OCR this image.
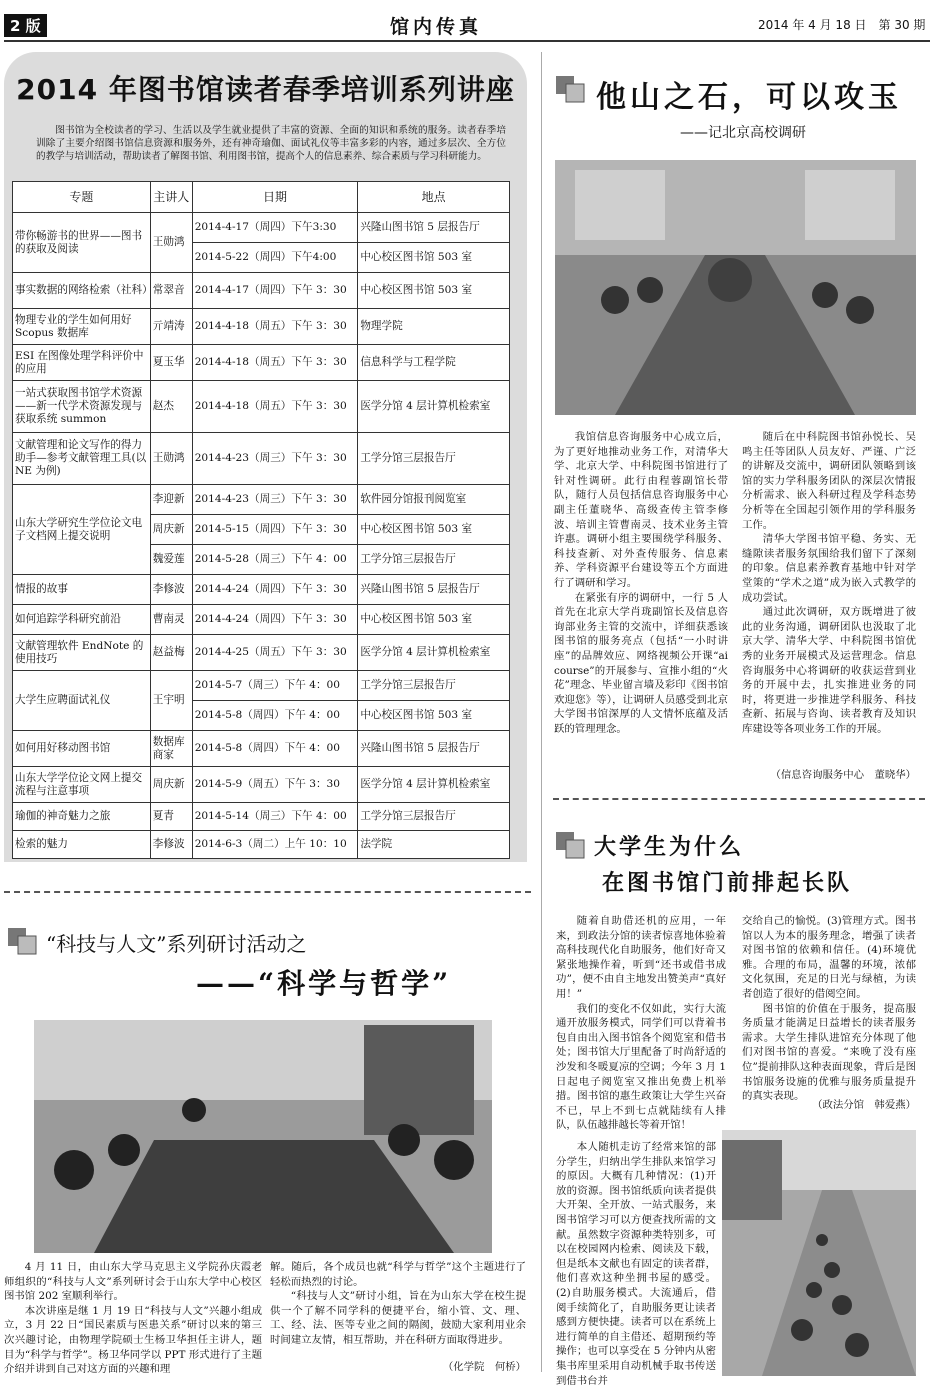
2 版	馆内传真	2014 年 4 月 18 日　第 30 期
2014 年图书馆读者春季培训系列讲座
图书馆为全校读者的学习、生活以及学生就业提供了丰富的资源、全面的知识和系统的服务。读者春季培训除了主要介绍图书馆信息资源和服务外，还有神奇瑜伽、面试礼仪等丰富多彩的内容，通过多层次、全方位的教学与培训活动，帮助读者了解图书馆、利用图书馆，提高个人的信息素养、综合素质与学习科研能力。
专题	主讲人	日期	地点
带你畅游书的世界——图书的获取及阅读	王勋鸿	2014-4-17（周四）下午3:30	兴隆山图书馆 5 层报告厅
		2014-5-22（周四）下午4:00	中心校区图书馆 503 室
事实数据的网络检索（社科）	常翠音	2014-4-17（周四）下午 3：30	中心校区图书馆 503 室
物理专业的学生如何用好 Scopus 数据库	亓靖涛	2014-4-18（周五）下午 3：30	物理学院
ESI 在图像处理学科评价中的应用	夏玉华	2014-4-18（周五）下午 3：30	信息科学与工程学院
一站式获取图书馆学术资源——新一代学术资源发现与获取系统 summon	赵杰	2014-4-18（周五）下午 3：30	医学分馆 4 层计算机检索室
文献管理和论文写作的得力助手—参考文献管理工具(以 NE 为例)	王勋鸿	2014-4-23（周三）下午 3：30	工学分馆三层报告厅
山东大学研究生学位论文电子文档网上提交说明	李迎新	2014-4-23（周三）下午 3：30	软件园分馆报刊阅览室
	周庆新	2014-5-15（周四）下午 3：30	中心校区图书馆 503 室
	魏爱莲	2014-5-28（周三）下午 4：00	工学分馆三层报告厅
情报的故事	李修波	2014-4-24（周四）下午 3：30	兴隆山图书馆 5 层报告厅
如何追踪学科研究前沿	曹南灵	2014-4-24（周四）下午 3：30	中心校区图书馆 503 室
文献管理软件 EndNote 的使用技巧	赵益梅	2014-4-25（周五）下午 3：30	医学分馆 4 层计算机检索室
大学生应聘面试礼仪	王宇明	2014-5-7（周三）下午 4：00	工学分馆三层报告厅
		2014-5-8（周四）下午 4：00	中心校区图书馆 503 室
如何用好移动图书馆	数据库商家	2014-5-8（周四）下午 4：00	兴隆山图书馆 5 层报告厅
山东大学学位论文网上提交流程与注意事项	周庆新	2014-5-9（周五）下午 3：30	医学分馆 4 层计算机检索室
瑜伽的神奇魅力之旅	夏青	2014-5-14（周三）下午 4：00	工学分馆三层报告厅
检索的魅力	李修波	2014-6-3（周二）上午 10：10	法学院
他山之石，可以攻玉
——记北京高校调研

我馆信息咨询服务中心成立后，为了更好地推动业务工作，对清华大学、北京大学、中科院图书馆进行了针对性调研。此行由程蓉副馆长带队，随行人员包括信息咨询服务中心副主任董晓华、高级查传主管李修波、培训主管曹南灵、技术业务主管许惠。调研小组主要围绕学科服务、科技查新、对外查传服务、信息素养、学科资源平台建设等五个方面进行了调研和学习。

在紧张有序的调研中，一行 5 人首先在北京大学肖珑副馆长及信息咨询部业务主管的交流中，详细获悉该图书馆的服务亮点（包括“一小时讲座”的品牌效应、网络视频公开课“ai course”的开展参与、宣推小组的“火花”理念、毕业留言墙及彩印《图书馆欢迎您》等），让调研人员感受到北京大学图书馆深厚的人文情怀底蕴及活跃的管理理念。

随后在中科院图书馆孙悦长、吴鸣主任等团队人员友好、严谨、广泛的讲解及交流中，调研团队领略到该馆的实力学科服务团队的深层次情报分析需求、嵌入科研过程及学科态势分析等在全国起引领作用的学科服务工作。

清华大学图书馆平稳、务实、无缝隙读者服务氛围给我们留下了深刻的印象。信息素养教育基地中针对学堂策的“学术之道”成为嵌入式教学的成功尝试。

通过此次调研，双方既增进了彼此的业务沟通，调研团队也汲取了北京大学、清华大学、中科院图书馆优秀的业务开展模式及运营理念。信息咨询服务中心将调研的收获运营到业务的开展中去，扎实推进业务的同时，将更进一步推进学科服务、科技查新、拓展与咨询、读者教育及知识库建设等各项业务工作的开展。

（信息咨询服务中心　董晓华）
大学生为什么
在图书馆门前排起长队

随着自助借还机的应用，一年来，到政法分馆的读者惊喜地体验着高科技现代化自助服务，他们好奇又紧张地操作着，听到“还书或借书成功”，便不由自主地发出赞美声“真好用！”

我们的变化不仅如此，实行大流通开放服务模式，同学们可以背着书包自由出入图书馆各个阅览室和借书处；图书馆大厅里配备了时尚舒适的沙发和冬暖夏凉的空调；今年 3 月 1 日起电子阅览室又推出免费上机举措。图书馆的惠生政策让大学生兴奋不已，早上不到七点就陆续有人排队，队伍越排越长等着开馆！

交给自己的愉悦。(3)管理方式。图书馆以人为本的服务理念，增强了读者对图书馆的依赖和信任。(4)环境优雅。合理的布局，温馨的环境，浓郁文化氛围，充足的日光与绿植，为读者创造了很好的借阅空间。

图书馆的价值在于服务，提高服务质量才能满足日益增长的读者服务需求。大学生排队进馆充分体现了他们对图书馆的喜爱。“来晚了没有座位”提前排队这种表面现象，背后是图书馆服务设施的优雅与服务质量提升的真实表现。

（政法分馆　韩爱燕）

本人随机走访了经常来馆的部分学生，归纳出学生排队来馆学习的原因。大概有几种情况：(1)开放的资源。图书馆纸质向读者提供大开架、全开放、一站式服务，来图书馆学习可以方便查找所需的文献。虽然数字资源种类特别多，可以在校园网内检索、阅读及下载，但是纸本文献也有固定的读者群，他们喜欢这种坐拥书屋的感受。(2)自助服务模式。大流通后，借阅手续简化了，自助服务更让读者感到方便快捷。读者可以在系统上进行简单的自主借还、超期预约等操作；也可以享受在 5 分钟内从密集书库里采用自动机械手取书传送到借书台并

“科技与人文”系列研讨活动之
——“科学与哲学”

4 月 11 日，由山东大学马克思主义学院孙庆霞老师组织的“科技与人文”系列研讨会于山东大学中心校区图书馆 202 室顺利举行。

本次讲座是继 1 月 19 日“科技与人文”兴趣小组成立，3 月 22 日“国民素质与医患关系”研讨以来的第三次兴趣讨论，由物理学院硕士生杨卫华担任主讲人，题目为“科学与哲学”。杨卫华同学以 PPT 形式进行了主题介绍并讲到自己对这方面的兴趣和理

解。随后，各个成员也就“科学与哲学”这个主题进行了轻松而热烈的讨论。

“科技与人文”研讨小组，旨在为山东大学在校生提供一个了解不同学科的便捷平台，缩小管、文、理、工、经、法、医等专业之间的隔阂，鼓励大家利用业余时间建立友情，相互帮助，并在科研方面取得进步。

（化学院　何桥）
